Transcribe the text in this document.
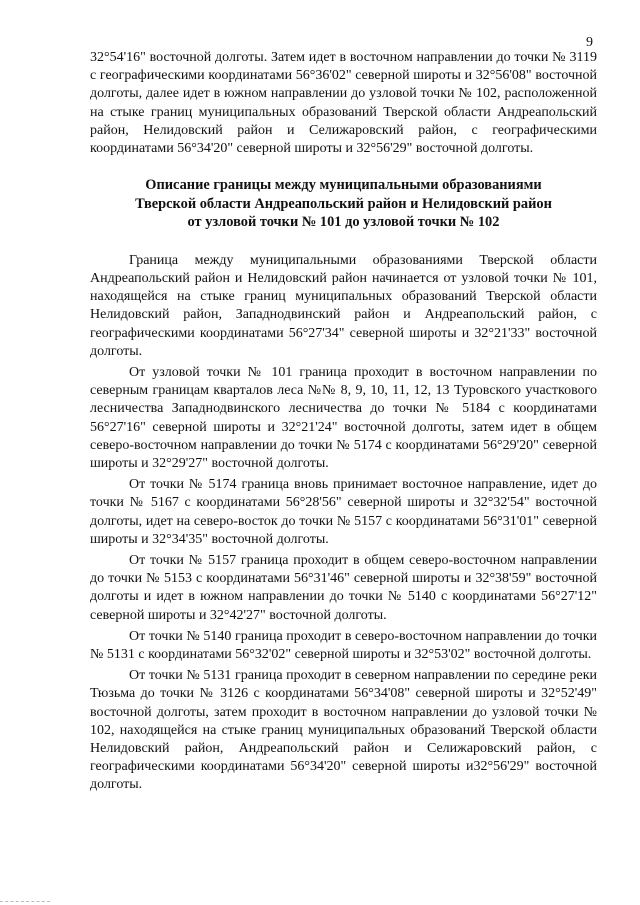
9

32°54'16" восточной долготы. Затем идет в восточном направлении до точки № 3119 с географическими координатами 56°36'02" северной широты и 32°56'08" восточной долготы, далее идет в южном направлении до узловой точки № 102, расположенной на стыке границ муниципальных образований Тверской области Андреапольский район, Нелидовский район и Селижаровский район, с географическими координатами 56°34'20" северной широты и 32°56'29" восточной долготы.

Описание границы между муниципальными образованиями
Тверской области Андреапольский район и Нелидовский район
от узловой точки № 101 до узловой точки № 102

Граница между муниципальными образованиями Тверской области Андреапольский район и Нелидовский район начинается от узловой точки № 101, находящейся на стыке границ муниципальных образований Тверской области Нелидовский район, Западнодвинский район и Андреапольский район, с географическими координатами 56°27'34" северной широты и 32°21'33" восточной долготы.

От узловой точки № 101 граница проходит в восточном направлении по северным границам кварталов леса №№ 8, 9, 10, 11, 12, 13 Туровского участкового лесничества Западнодвинского лесничества до точки № 5184 с координатами 56°27'16" северной широты и 32°21'24" восточной долготы, затем идет в общем северо-восточном направлении до точки № 5174 с координатами 56°29'20" северной широты и 32°29'27" восточной долготы.

От точки № 5174 граница вновь принимает восточное направление, идет до точки № 5167 с координатами 56°28'56" северной широты и 32°32'54" восточной долготы, идет на северо-восток до точки № 5157 с координатами 56°31'01" северной широты и 32°34'35" восточной долготы.

От точки № 5157 граница проходит в общем северо-восточном направлении до точки № 5153 с координатами 56°31'46" северной широты и 32°38'59" восточной долготы и идет в южном направлении до точки № 5140 с координатами 56°27'12" северной широты и 32°42'27" восточной долготы.

От точки № 5140 граница проходит в северо-восточном направлении до точки № 5131 с координатами 56°32'02" северной широты и 32°53'02" восточной долготы.

От точки № 5131 граница проходит в северном направлении по середине реки Тюзьма до точки № 3126 с координатами 56°34'08" северной широты и 32°52'49" восточной долготы, затем проходит в восточном направлении до узловой точки № 102, находящейся на стыке границ муниципальных образований Тверской области Нелидовский район, Андреапольский район и Селижаровский район, с географическими координатами 56°34'20" северной широты и32°56'29" восточной долготы.
